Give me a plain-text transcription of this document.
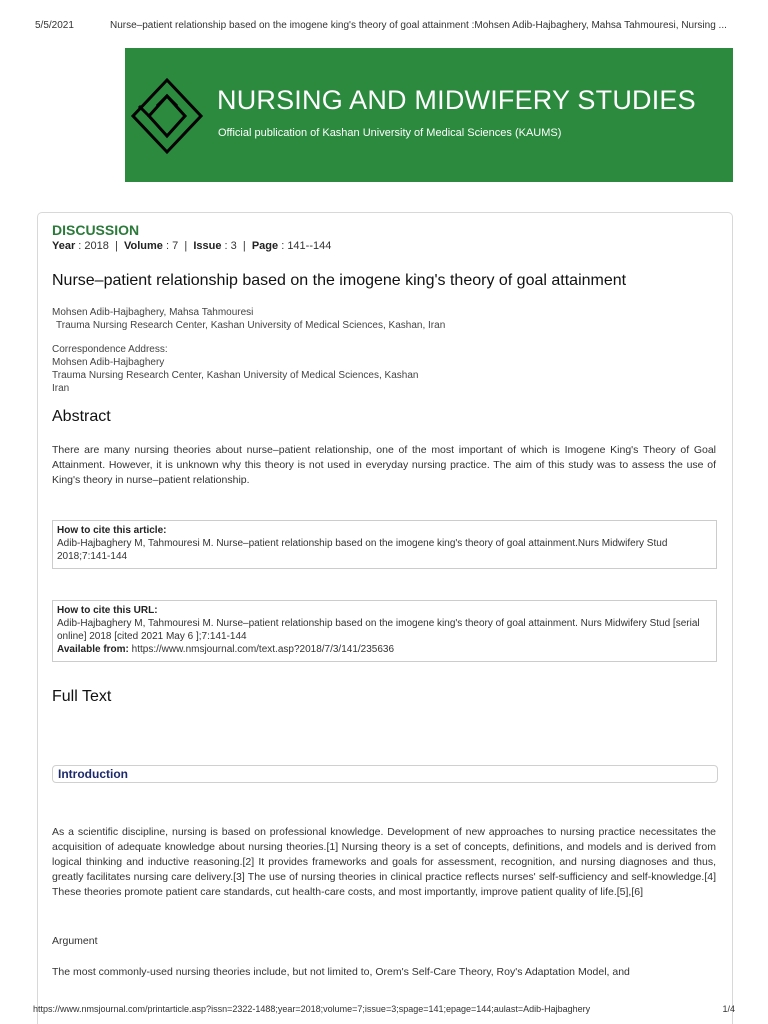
5/5/2021	Nurse–patient relationship based on the imogene king's theory of goal attainment :Mohsen Adib-Hajbaghery, Mahsa Tahmouresi, Nursing ...
NURSING AND MIDWIFERY STUDIES
Official publication of Kashan University of Medical Sciences (KAUMS)
DISCUSSION
Year : 2018  |  Volume : 7  |  Issue : 3  |  Page : 141--144
Nurse–patient relationship based on the imogene king's theory of goal attainment
Mohsen Adib-Hajbaghery, Mahsa Tahmouresi
Trauma Nursing Research Center, Kashan University of Medical Sciences, Kashan, Iran
Correspondence Address:
Mohsen Adib-Hajbaghery
Trauma Nursing Research Center, Kashan University of Medical Sciences, Kashan
Iran
Abstract
There are many nursing theories about nurse–patient relationship, one of the most important of which is Imogene King's Theory of Goal Attainment. However, it is unknown why this theory is not used in everyday nursing practice. The aim of this study was to assess the use of King's theory in nurse–patient relationship.
How to cite this article:
Adib-Hajbaghery M, Tahmouresi M. Nurse–patient relationship based on the imogene king's theory of goal attainment.Nurs Midwifery Stud 2018;7:141-144
How to cite this URL:
Adib-Hajbaghery M, Tahmouresi M. Nurse–patient relationship based on the imogene king's theory of goal attainment. Nurs Midwifery Stud [serial online] 2018 [cited 2021 May 6 ];7:141-144
Available from: https://www.nmsjournal.com/text.asp?2018/7/3/141/235636
Full Text
Introduction
As a scientific discipline, nursing is based on professional knowledge. Development of new approaches to nursing practice necessitates the acquisition of adequate knowledge about nursing theories.[1] Nursing theory is a set of concepts, definitions, and models and is derived from logical thinking and inductive reasoning.[2] It provides frameworks and goals for assessment, recognition, and nursing diagnoses and thus, greatly facilitates nursing care delivery.[3] The use of nursing theories in clinical practice reflects nurses' self-sufficiency and self-knowledge.[4] These theories promote patient care standards, cut health-care costs, and most importantly, improve patient quality of life.[5],[6]
Argument
The most commonly-used nursing theories include, but not limited to, Orem's Self-Care Theory, Roy's Adaptation Model, and
https://www.nmsjournal.com/printarticle.asp?issn=2322-1488;year=2018;volume=7;issue=3;spage=141;epage=144;aulast=Adib-Hajbaghery	1/4
